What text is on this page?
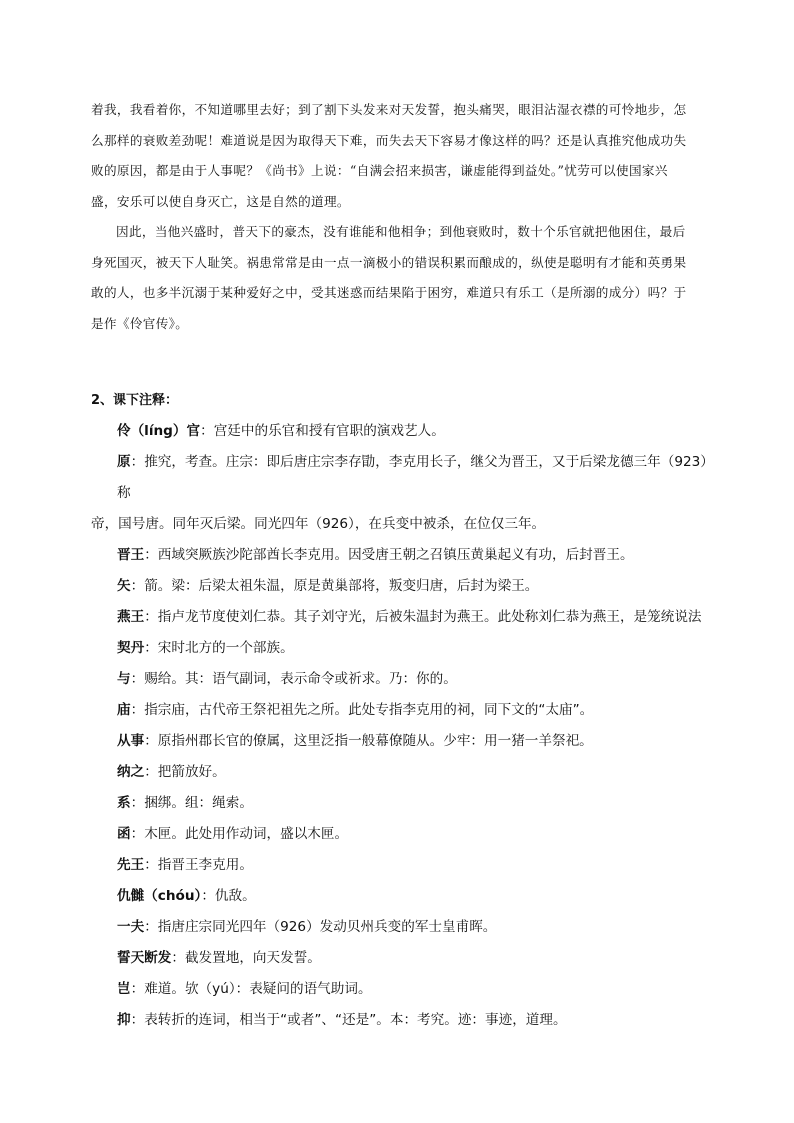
着我，我看着你，不知道哪里去好；到了割下头发来对天发誓，抱头痛哭，眼泪沾湿衣襟的可怜地步，怎

么那样的衰败差劲呢！难道说是因为取得天下难，而失去天下容易才像这样的吗？还是认真推究他成功失

败的原因，都是由于人事呢？《尚书》上说：“自满会招来损害，谦虚能得到益处。”忧劳可以使国家兴

盛，安乐可以使自身灭亡，这是自然的道理。

因此，当他兴盛时，普天下的豪杰，没有谁能和他相争；到他衰败时，数十个乐官就把他困住，最后

身死国灭，被天下人耻笑。祸患常常是由一点一滴极小的错误积累而酿成的，纵使是聪明有才能和英勇果

敢的人，也多半沉溺于某种爱好之中，受其迷惑而结果陷于困穷，难道只有乐工（是所溺的成分）吗？于

是作《伶官传》。

2、课下注释：

伶（líng）官：宫廷中的乐官和授有官职的演戏艺人。

原：推究，考查。庄宗：即后唐庄宗李存勖，李克用长子，继父为晋王，又于后梁龙德三年（923）称

帝，国号唐。同年灭后梁。同光四年（926），在兵变中被杀，在位仅三年。

晋王：西域突厥族沙陀部酋长李克用。因受唐王朝之召镇压黄巢起义有功，后封晋王。

矢：箭。梁：后梁太祖朱温，原是黄巢部将，叛变归唐，后封为梁王。

燕王：指卢龙节度使刘仁恭。其子刘守光，后被朱温封为燕王。此处称刘仁恭为燕王，是笼统说法

契丹：宋时北方的一个部族。

与：赐给。其：语气副词，表示命令或祈求。乃：你的。

庙：指宗庙，古代帝王祭祀祖先之所。此处专指李克用的祠，同下文的“太庙”。

从事：原指州郡长官的僚属，这里泛指一般幕僚随从。少牢：用一猪一羊祭祀。

纳之：把箭放好。

系：捆绑。组：绳索。

函：木匣。此处用作动词，盛以木匣。

先王：指晋王李克用。

仇雠（chóu）：仇敌。

一夫：指唐庄宗同光四年（926）发动贝州兵变的军士皇甫晖。

誓天断发：截发置地，向天发誓。

岂：难道。欤（yú）：表疑问的语气助词。

抑：表转折的连词，相当于“或者”、“还是”。本：考究。迹：事迹，道理。
